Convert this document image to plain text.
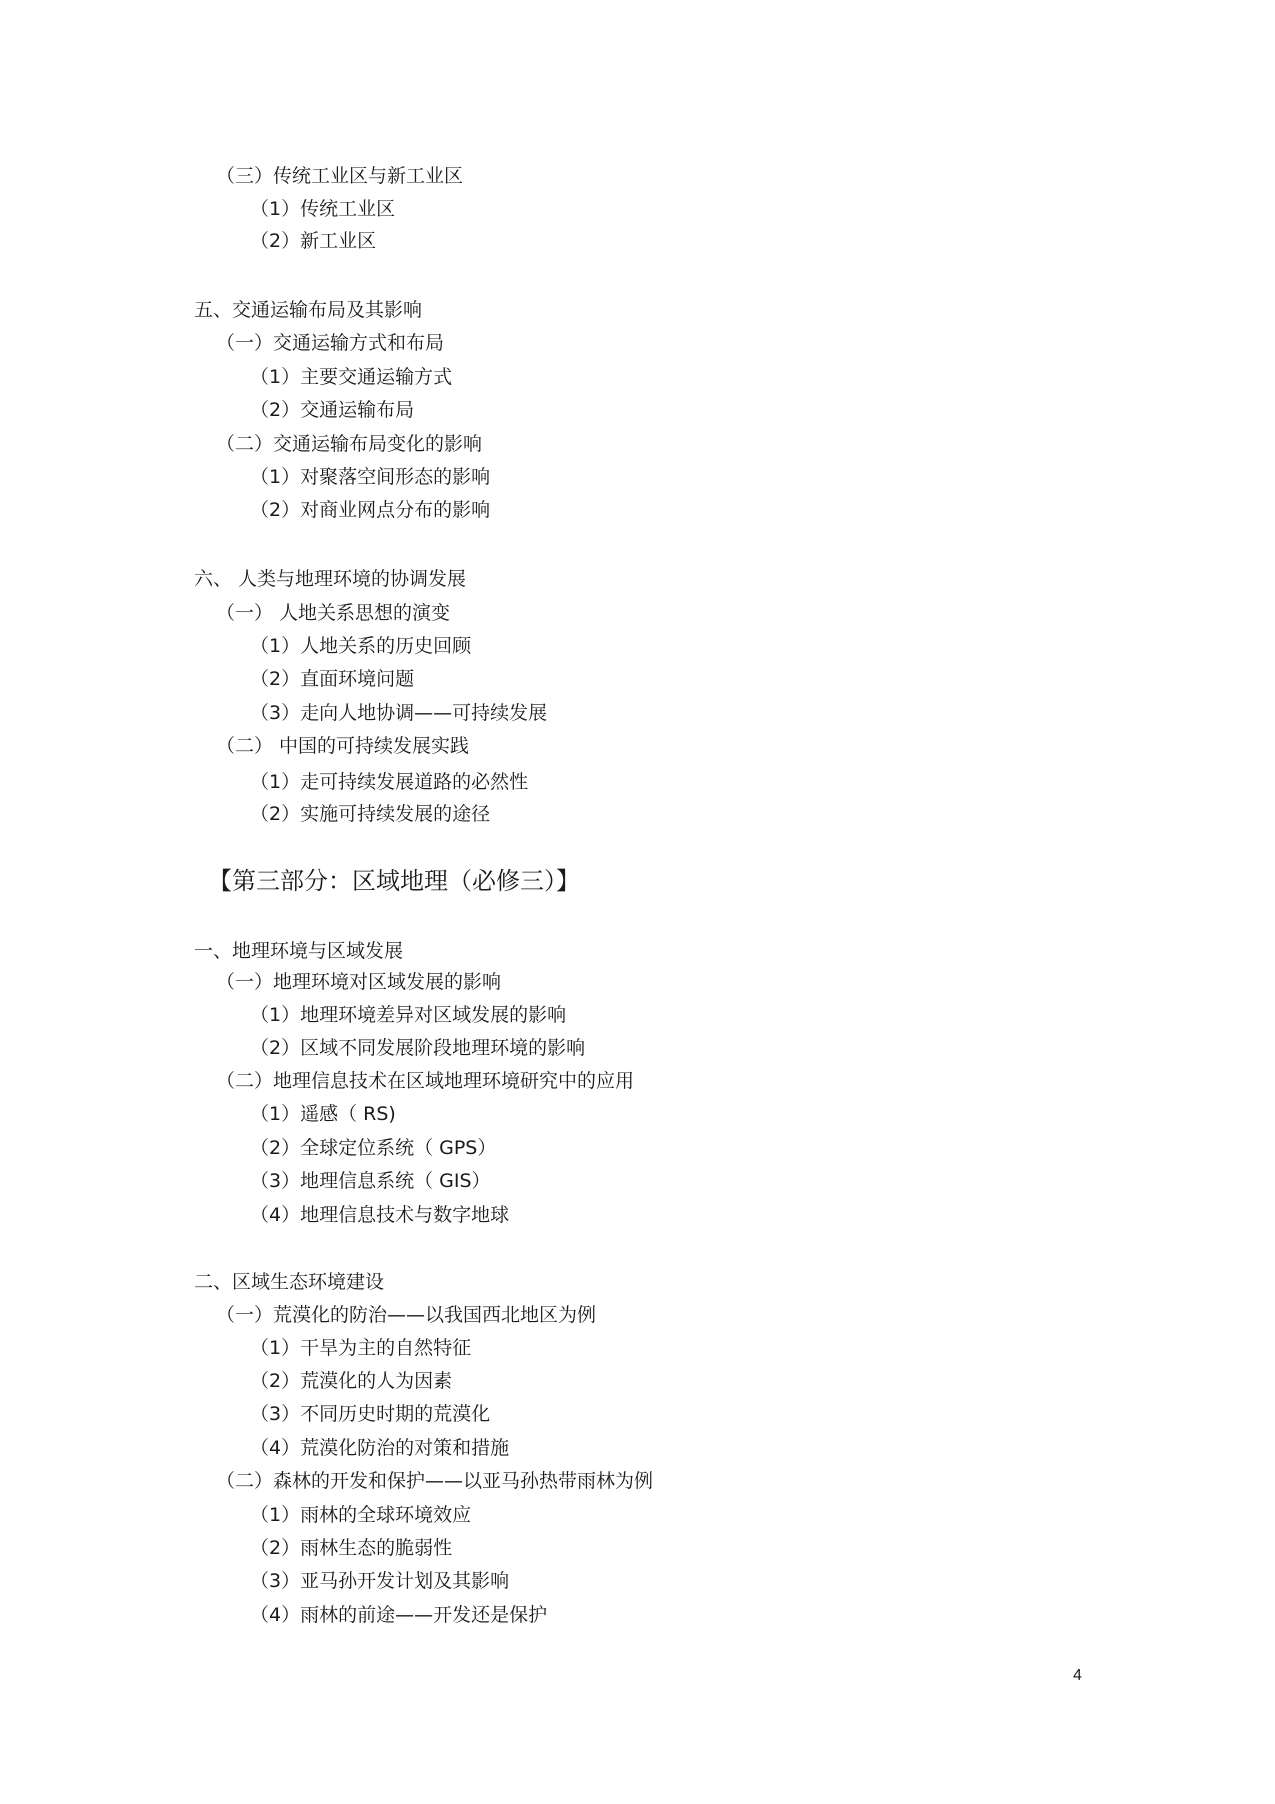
（三）传统工业区与新工业区
（1）传统工业区
（2）新工业区
五、交通运输布局及其影响
（一）交通运输方式和布局
（1）主要交通运输方式
（2）交通运输布局
（二）交通运输布局变化的影响
（1）对聚落空间形态的影响
（2）对商业网点分布的影响
六、 人类与地理环境的协调发展
（一） 人地关系思想的演变
（1）人地关系的历史回顾
（2）直面环境问题
（3）走向人地协调——可持续发展
（二） 中国的可持续发展实践
（1）走可持续发展道路的必然性
（2）实施可持续发展的途径
【第三部分：区域地理（必修三）】
一、地理环境与区域发展
（一）地理环境对区域发展的影响
（1）地理环境差异对区域发展的影响
（2）区域不同发展阶段地理环境的影响
（二）地理信息技术在区域地理环境研究中的应用
（1）遥感（ RS)
（2）全球定位系统（ GPS）
（3）地理信息系统（ GIS）
（4）地理信息技术与数字地球
二、区域生态环境建设
（一）荒漠化的防治——以我国西北地区为例
（1）干旱为主的自然特征
（2）荒漠化的人为因素
（3）不同历史时期的荒漠化
（4）荒漠化防治的对策和措施
（二）森林的开发和保护——以亚马孙热带雨林为例
（1）雨林的全球环境效应
（2）雨林生态的脆弱性
（3）亚马孙开发计划及其影响
（4）雨林的前途——开发还是保护
4
